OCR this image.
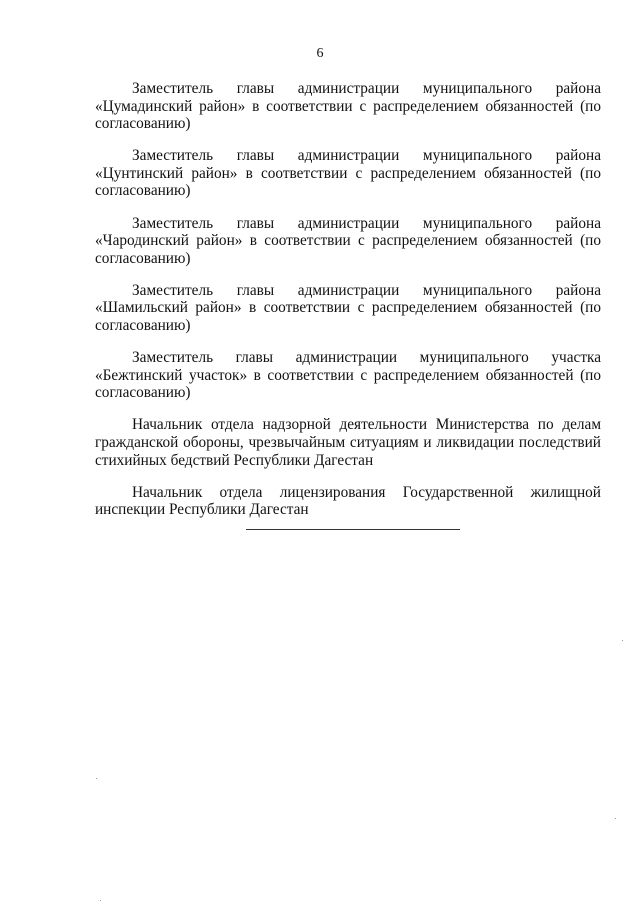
6

Заместитель главы администрации муниципального района «Цумадинский район» в соответствии с распределением обязанностей (по согласованию)

Заместитель главы администрации муниципального района «Цунтинский район» в соответствии с распределением обязанностей (по согласованию)

Заместитель главы администрации муниципального района «Чародинский район» в соответствии с распределением обязанностей (по согласованию)

Заместитель главы администрации муниципального района «Шамильский район» в соответствии с распределением обязанностей (по согласованию)

Заместитель главы администрации муниципального участка «Бежтинский участок» в соответствии с распределением обязанностей (по согласованию)

Начальник отдела надзорной деятельности Министерства по делам гражданской обороны, чрезвычайным ситуациям и ликвидации последствий стихийных бедствий Республики Дагестан

Начальник отдела лицензирования Государственной жилищной инспекции Республики Дагестан
